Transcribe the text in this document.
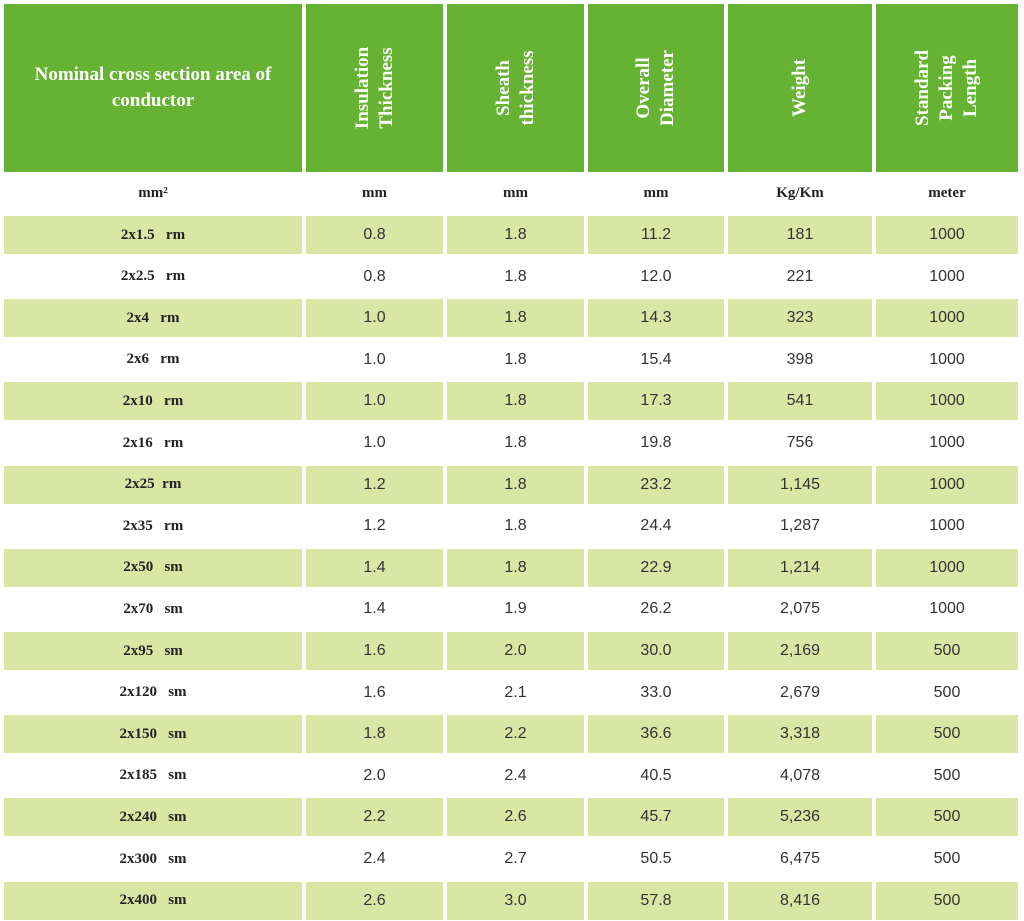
Nominal cross section area of conductor
mm²
2x1.5   rm
2x2.5   rm
2x4   rm
2x6   rm
2x10   rm
2x16   rm
2x25  rm
2x35   rm
2x50   sm
2x70   sm
2x95   sm
2x120   sm
2x150   sm
2x185   sm
2x240   sm
2x300   sm
2x400   sm
Insulation
Thickness
mm
0.8
0.8
1.0
1.0
1.0
1.0
1.2
1.2
1.4
1.4
1.6
1.6
1.8
2.0
2.2
2.4
2.6
Sheath thickness
mm
1.8
1.8
1.8
1.8
1.8
1.8
1.8
1.8
1.8
1.9
2.0
2.1
2.2
2.4
2.6
2.7
3.0
Overall
Diameter
mm
11.2
12.0
14.3
15.4
17.3
19.8
23.2
24.4
22.9
26.2
30.0
33.0
36.6
40.5
45.7
50.5
57.8
Weight
Kg/Km
181
221
323
398
541
756
1,145
1,287
1,214
2,075
2,169
2,679
3,318
4,078
5,236
6,475
8,416
Standard
Packing Length
meter
1000
1000
1000
1000
1000
1000
1000
1000
1000
1000
500
500
500
500
500
500
500
